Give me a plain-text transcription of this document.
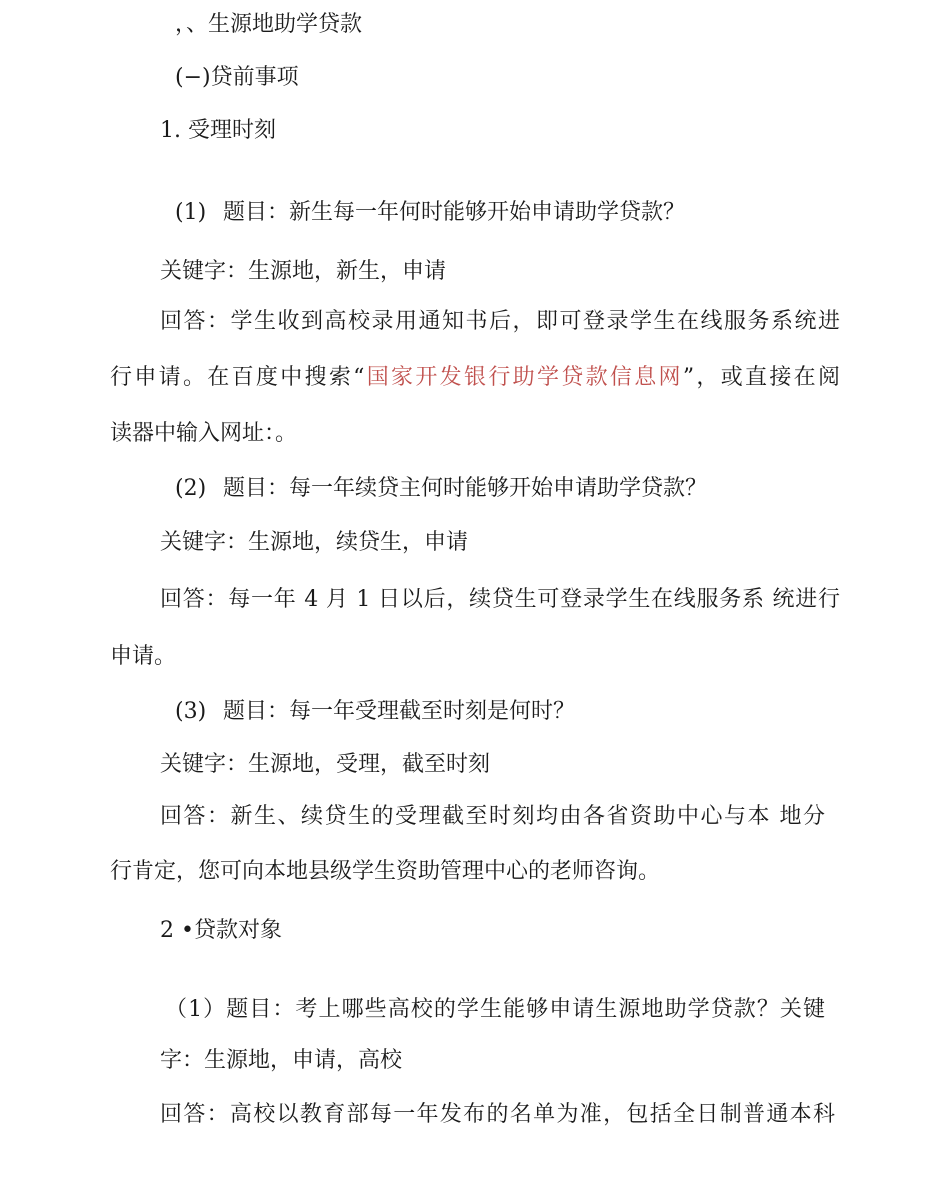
，、生源地助学贷款
(−)贷前事项
1. 受理时刻
(1) 题目：新生每一年何时能够开始申请助学贷款？
关键字：生源地，新生，申请
回答：学生收到高校录用通知书后，即可登录学生在线服务系统进
行申请。在百度中搜索“国家开发银行助学贷款信息网”，或直接在阅
读器中输入网址：。
(2) 题目：每一年续贷主何时能够开始申请助学贷款？
关键字：生源地，续贷生，申请
回答：每一年 4 月 1 日以后，续贷生可登录学生在线服务系 统进行
申请。
(3) 题目：每一年受理截至时刻是何时？
关键字：生源地，受理，截至时刻
回答：新生、续贷生的受理截至时刻均由各省资助中心与本 地分
行肯定，您可向本地县级学生资助管理中心的老师咨询。
2 •贷款对象
（1）题目：考上哪些高校的学生能够申请生源地助学贷款？关键
字：生源地，申请，高校
回答：高校以教育部每一年发布的名单为准，包括全日制普通本科
